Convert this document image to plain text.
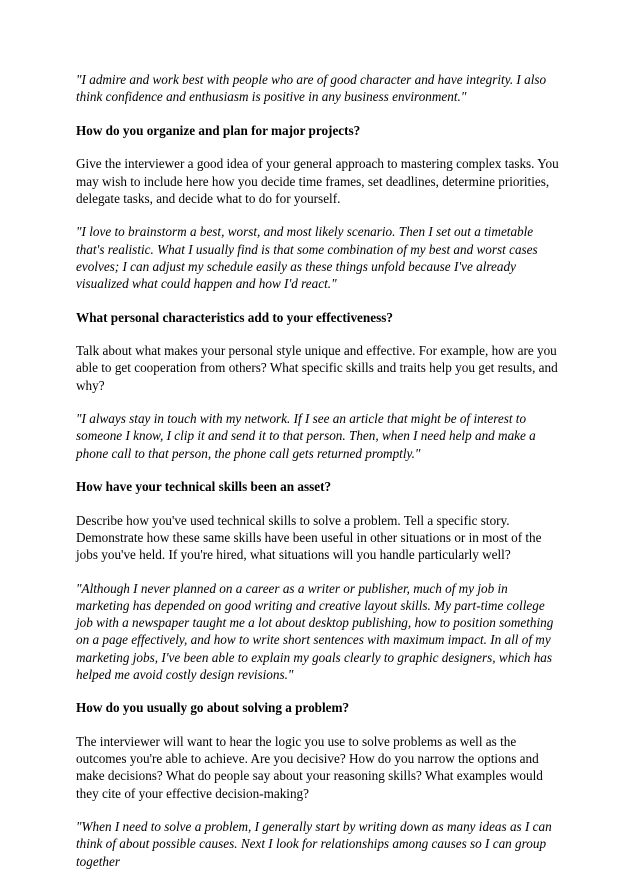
"I admire and work best with people who are of good character and have integrity. I also think confidence and enthusiasm is positive in any business environment."

How do you organize and plan for major projects?

Give the interviewer a good idea of your general approach to mastering complex tasks. You may wish to include here how you decide time frames, set deadlines, determine priorities, delegate tasks, and decide what to do for yourself.

"I love to brainstorm a best, worst, and most likely scenario. Then I set out a timetable that's realistic. What I usually find is that some combination of my best and worst cases evolves; I can adjust my schedule easily as these things unfold because I've already visualized what could happen and how I'd react."

What personal characteristics add to your effectiveness?

Talk about what makes your personal style unique and effective. For example, how are you able to get cooperation from others? What specific skills and traits help you get results, and why?

"I always stay in touch with my network. If I see an article that might be of interest to someone I know, I clip it and send it to that person. Then, when I need help and make a phone call to that person, the phone call gets returned promptly."

How have your technical skills been an asset?

Describe how you've used technical skills to solve a problem. Tell a specific story. Demonstrate how these same skills have been useful in other situations or in most of the jobs you've held. If you're hired, what situations will you handle particularly well?

"Although I never planned on a career as a writer or publisher, much of my job in marketing has depended on good writing and creative layout skills. My part-time college job with a newspaper taught me a lot about desktop publishing, how to position something on a page effectively, and how to write short sentences with maximum impact. In all of my marketing jobs, I've been able to explain my goals clearly to graphic designers, which has helped me avoid costly design revisions."

How do you usually go about solving a problem?

The interviewer will want to hear the logic you use to solve problems as well as the outcomes you're able to achieve. Are you decisive? How do you narrow the options and make decisions? What do people say about your reasoning skills? What examples would they cite of your effective decision-making?

"When I need to solve a problem, I generally start by writing down as many ideas as I can think of about possible causes. Next I look for relationships among causes so I can group together
